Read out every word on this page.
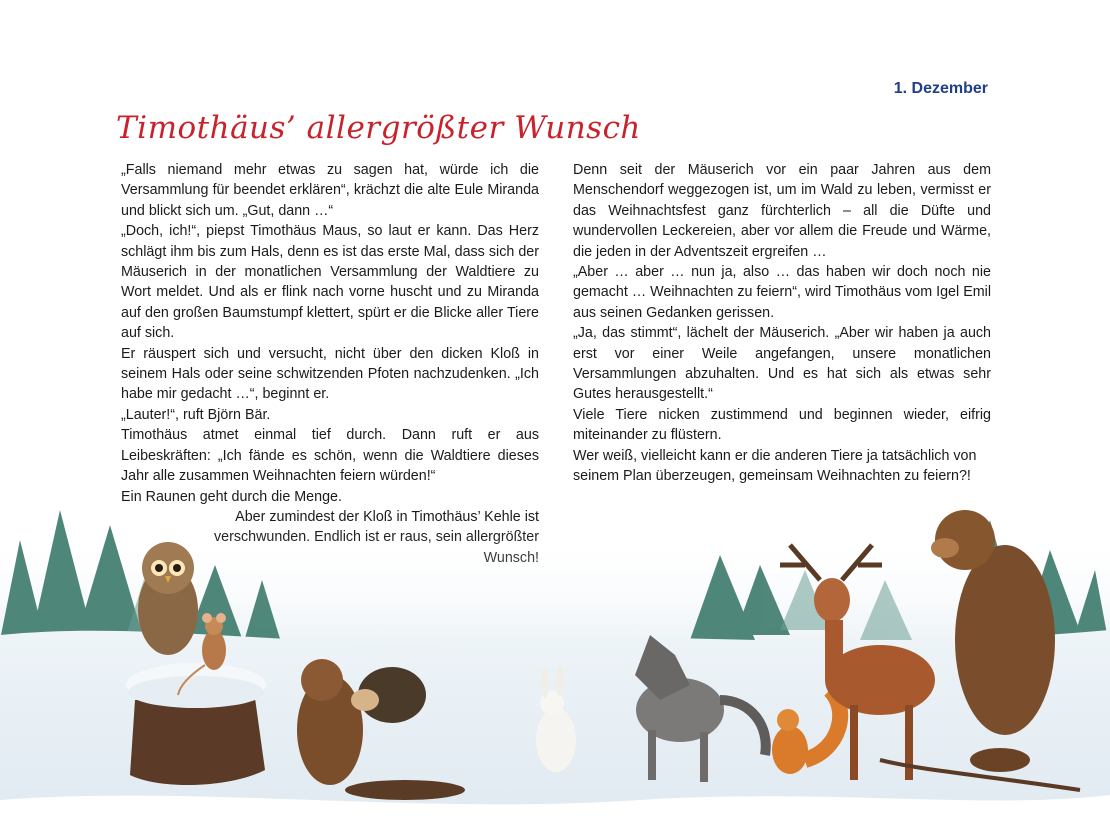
1. Dezember
Timothäus’ allergrößter Wunsch

„Falls niemand mehr etwas zu sagen hat, würde ich die Versammlung für beendet erklären“, krächzt die alte Eule Miranda und blickt sich um. „Gut, dann …“

„Doch, ich!“, piepst Timothäus Maus, so laut er kann. Das Herz schlägt ihm bis zum Hals, denn es ist das erste Mal, dass sich der Mäuserich in der monatlichen Versammlung der Waldtiere zu Wort meldet. Und als er flink nach vorne huscht und zu Miranda auf den großen Baumstumpf klettert, spürt er die Blicke aller Tiere auf sich.

Er räuspert sich und versucht, nicht über den dicken Kloß in seinem Hals oder seine schwitzenden Pfoten nachzudenken. „Ich habe mir gedacht …“, beginnt er.

„Lauter!“, ruft Björn Bär.

Timothäus atmet einmal tief durch. Dann ruft er aus Leibeskräften: „Ich fände es schön, wenn die Waldtiere dieses Jahr alle zusammen Weihnachten feiern würden!“

Ein Raunen geht durch die Menge.

Aber zumindest der Kloß in Timothäus’ Kehle ist

Denn seit der Mäuserich vor ein paar Jahren aus dem Menschendorf weggezogen ist, um im Wald zu leben, vermisst er das Weihnachtsfest ganz fürchterlich – all die Düfte und wundervollen Leckereien, aber vor allem die Freude und Wärme, die jeden in der Adventszeit ergreifen …

„Aber … aber … nun ja, also … das haben wir doch noch nie gemacht … Weihnachten zu feiern“, wird Timothäus vom Igel Emil aus seinen Gedanken gerissen.

„Ja, das stimmt“, lächelt der Mäuserich. „Aber wir haben ja auch erst vor einer Weile angefangen, unsere monatlichen Versammlungen abzuhalten. Und es hat sich als etwas sehr Gutes herausgestellt.“

Viele Tiere nicken zustimmend und beginnen wieder, eifrig miteinander zu flüstern.

Wer weiß, vielleicht kann er die anderen Tiere ja tatsächlich von seinem Plan überzeugen, gemeinsam Weihnachten zu feiern?!
